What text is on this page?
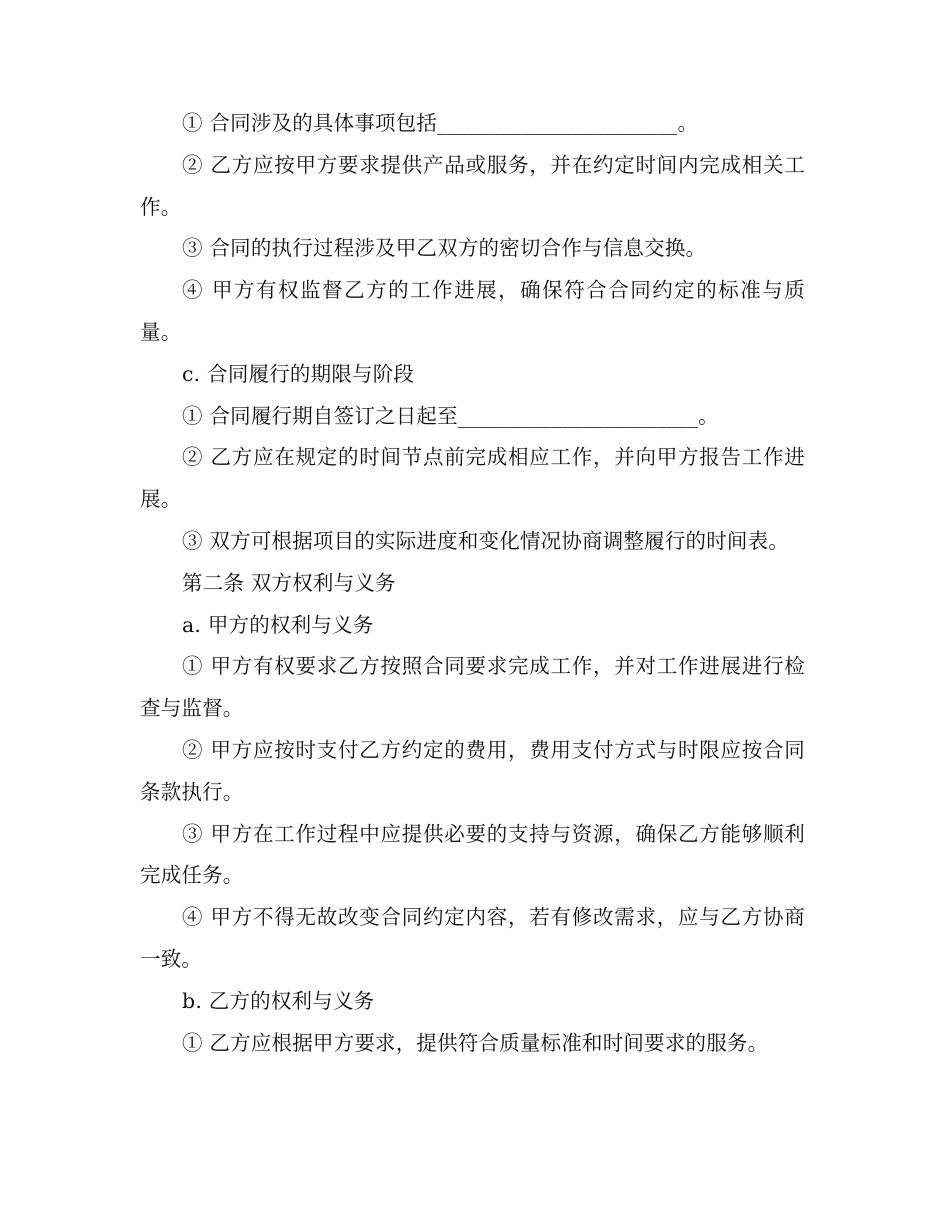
① 合同涉及的具体事项包括_______________________。

② 乙方应按甲方要求提供产品或服务，并在约定时间内完成相关工作。

③ 合同的执行过程涉及甲乙双方的密切合作与信息交换。

④ 甲方有权监督乙方的工作进展，确保符合合同约定的标准与质量。

c. 合同履行的期限与阶段

① 合同履行期自签订之日起至_______________________。

② 乙方应在规定的时间节点前完成相应工作，并向甲方报告工作进展。

③ 双方可根据项目的实际进度和变化情况协商调整履行的时间表。

第二条 双方权利与义务

a. 甲方的权利与义务

① 甲方有权要求乙方按照合同要求完成工作，并对工作进展进行检查与监督。

② 甲方应按时支付乙方约定的费用，费用支付方式与时限应按合同条款执行。

③ 甲方在工作过程中应提供必要的支持与资源，确保乙方能够顺利完成任务。

④ 甲方不得无故改变合同约定内容，若有修改需求，应与乙方协商一致。

b. 乙方的权利与义务

① 乙方应根据甲方要求，提供符合质量标准和时间要求的服务。
